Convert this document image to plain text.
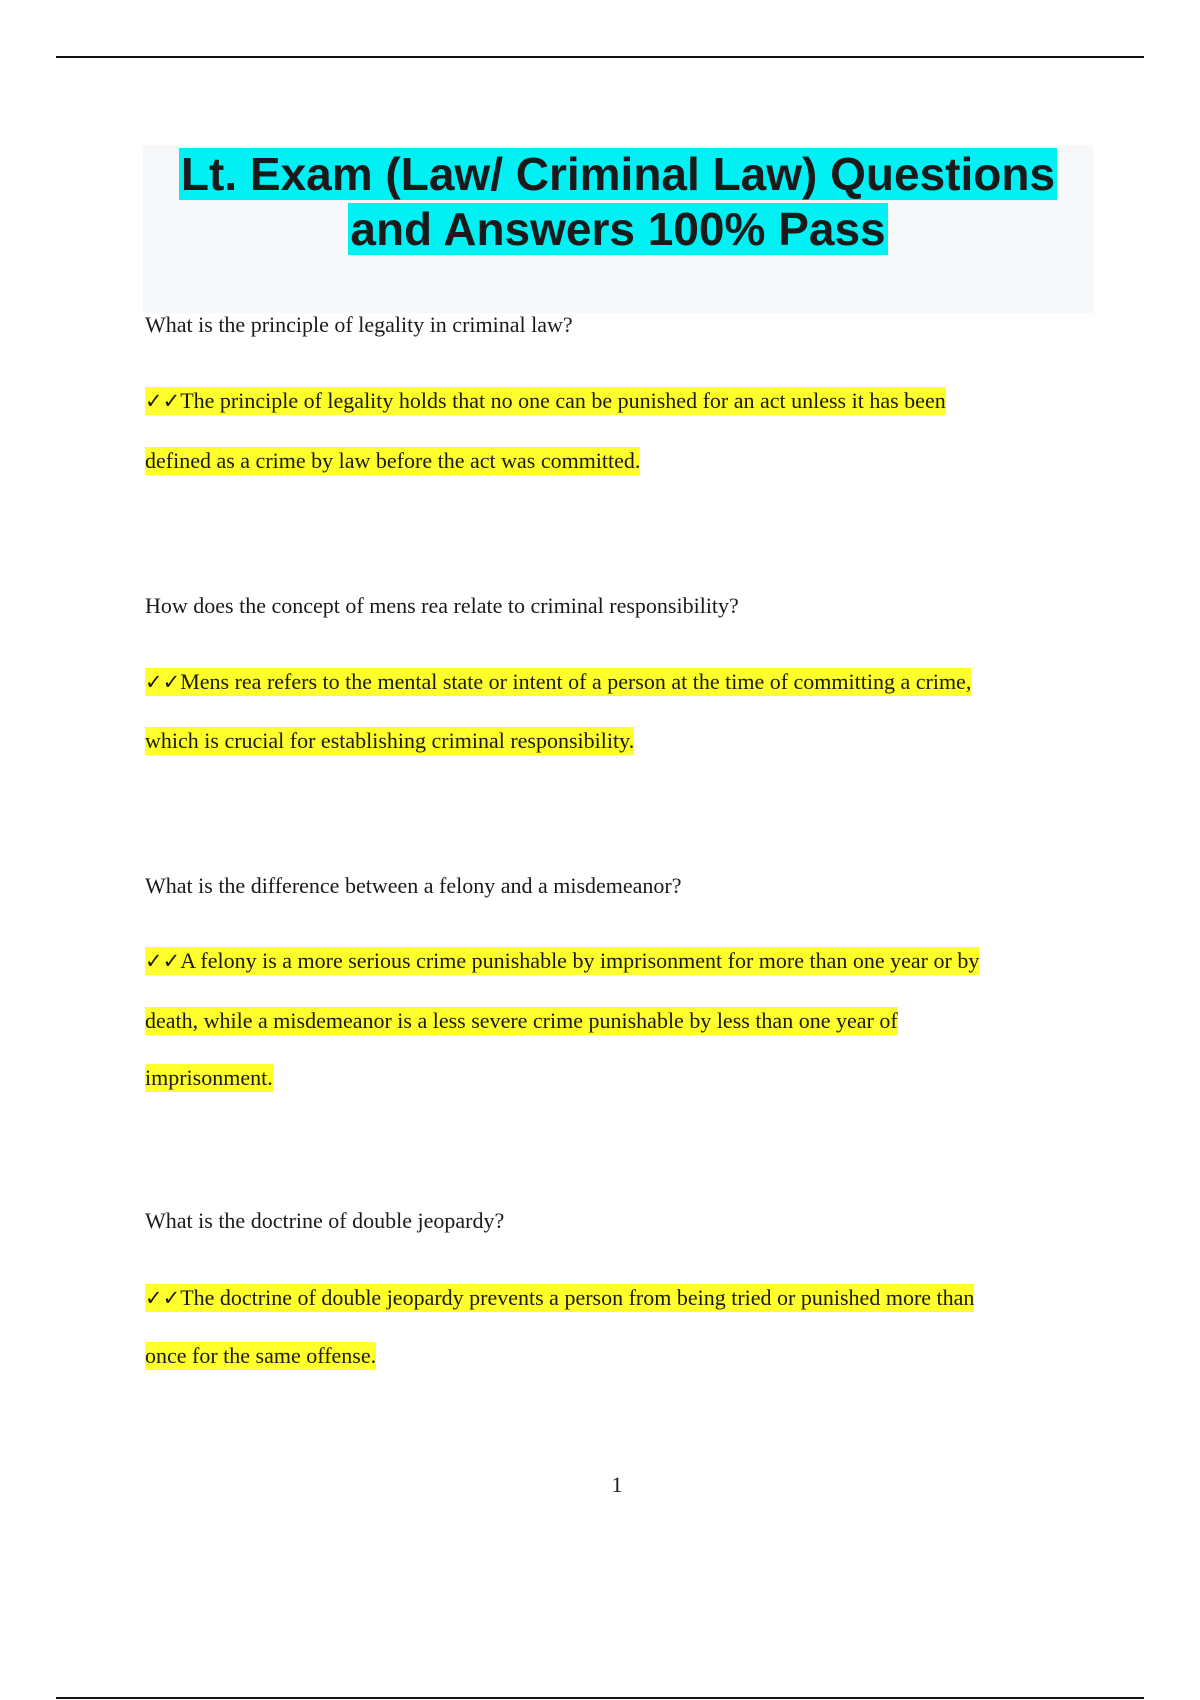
Lt. Exam (Law/ Criminal Law) Questions
and Answers 100% Pass
What is the principle of legality in criminal law?
✓✓The principle of legality holds that no one can be punished for an act unless it has been
defined as a crime by law before the act was committed.
How does the concept of mens rea relate to criminal responsibility?
✓✓Mens rea refers to the mental state or intent of a person at the time of committing a crime,
which is crucial for establishing criminal responsibility.
What is the difference between a felony and a misdemeanor?
✓✓A felony is a more serious crime punishable by imprisonment for more than one year or by
death, while a misdemeanor is a less severe crime punishable by less than one year of
imprisonment.
What is the doctrine of double jeopardy?
✓✓The doctrine of double jeopardy prevents a person from being tried or punished more than
once for the same offense.
1
